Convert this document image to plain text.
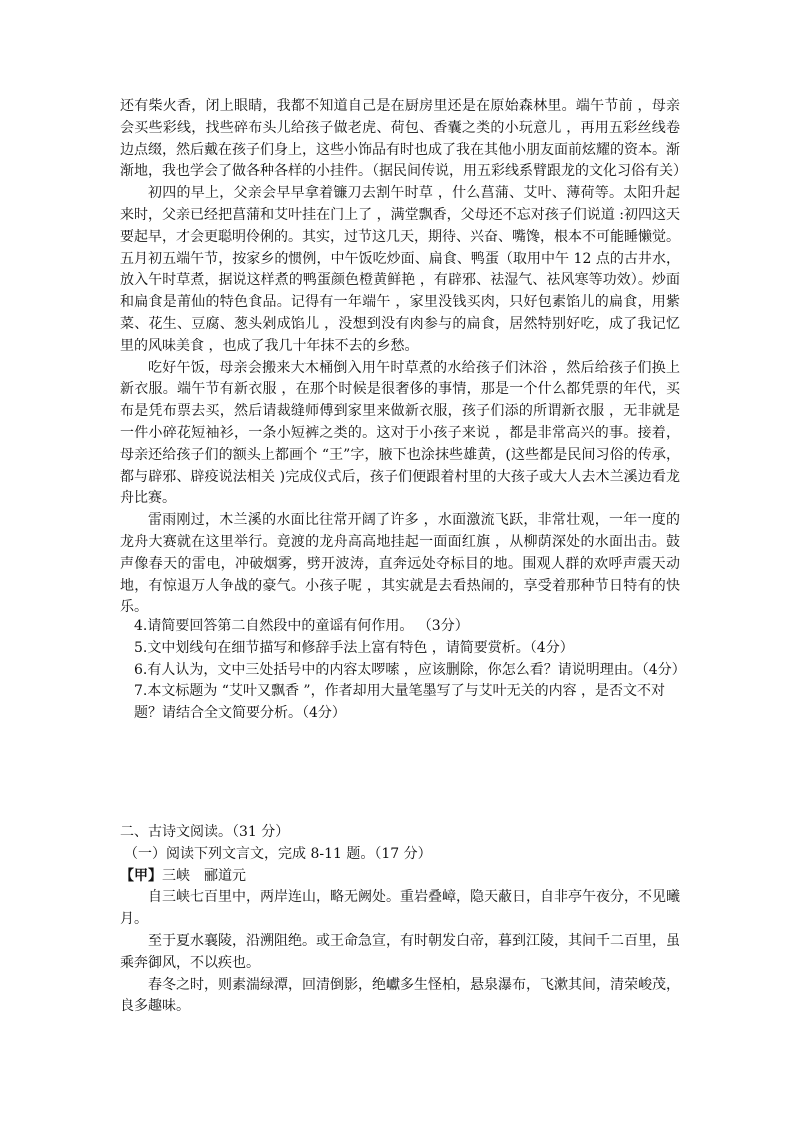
还有柴火香，闭上眼睛，我都不知道自己是在厨房里还是在原始森林里。端午节前 ，母亲会买些彩线，找些碎布头儿给孩子做老虎、荷包、香囊之类的小玩意儿 ，再用五彩丝线卷边点缀，然后戴在孩子们身上，这些小饰品有时也成了我在其他小朋友面前炫耀的资本。渐渐地，我也学会了做各种各样的小挂件。（据民间传说，用五彩线系臂跟龙的文化习俗有关）

初四的早上，父亲会早早拿着镰刀去割午时草 ，什么菖蒲、艾叶、薄荷等。太阳升起来时，父亲已经把菖蒲和艾叶挂在门上了 ，满堂飘香，父母还不忘对孩子们说道 :初四这天要起早，才会更聪明伶俐的。其实，过节这几天，期待、兴奋、嘴馋，根本不可能睡懒觉。五月初五端午节，按家乡的惯例，中午饭吃炒面、扁食、鸭蛋（取用中午 12 点的古井水，放入午时草煮，据说这样煮的鸭蛋颜色橙黄鲜艳 ，有辟邪、祛湿气、祛风寒等功效）。炒面和扁食是莆仙的特色食品。记得有一年端午 ，家里没钱买肉，只好包素馅儿的扁食，用紫菜、花生、豆腐、葱头剁成馅儿 ，没想到没有肉参与的扁食，居然特别好吃，成了我记忆里的风味美食 ，也成了我几十年抹不去的乡愁。

吃好午饭，母亲会搬来大木桶倒入用午时草煮的水给孩子们沐浴 ，然后给孩子们换上新衣服。端午节有新衣服 ，在那个时候是很奢侈的事情，那是一个什么都凭票的年代，买布是凭布票去买，然后请裁缝师傅到家里来做新衣服，孩子们添的所谓新衣服 ，无非就是一件小碎花短袖衫，一条小短裤之类的。这对于小孩子来说 ，都是非常高兴的事。接着，母亲还给孩子们的额头上都画个 “王”字，腋下也涂抹些雄黄，(这些都是民间习俗的传承，都与辟邪、辟疫说法相关 )完成仪式后，孩子们便跟着村里的大孩子或大人去木兰溪边看龙舟比赛。

雷雨刚过，木兰溪的水面比往常开阔了许多 ，水面激流飞跃，非常壮观，一年一度的龙舟大赛就在这里举行。竟渡的龙舟高高地挂起一面面红旗 ，从柳荫深处的水面出击。鼓声像春天的雷电，冲破烟雾，劈开波涛，直奔远处夺标目的地。围观人群的欢呼声震天动地，有惊退万人争战的豪气。小孩子呢 ，其实就是去看热闹的，享受着那种节日特有的快乐。

4.请简要回答第二自然段中的童谣有何作用。 （3分）

5.文中划线句在细节描写和修辞手法上富有特色 ，请简要赏析。（4分）

6.有人认为，文中三处括号中的内容太啰嗦 ，应该删除，你怎么看？请说明理由。（4分）

7.本文标题为 “艾叶又飘香 ”，作者却用大量笔墨写了与艾叶无关的内容 ，是否文不对题？请结合全文简要分析。（4分）

二、古诗文阅读。（31 分）

（一）阅读下列文言文，完成 8-11 题。（17 分）

【甲】三峡　郦道元

自三峡七百里中，两岸连山，略无阙处。重岩叠嶂，隐天蔽日，自非亭午夜分，不见曦月。

至于夏水襄陵，沿溯阻绝。或王命急宣，有时朝发白帝，暮到江陵，其间千二百里，虽乘奔御风，不以疾也。

春冬之时，则素湍绿潭，回清倒影，绝巘多生怪柏，悬泉瀑布，飞漱其间，清荣峻茂，良多趣味。
